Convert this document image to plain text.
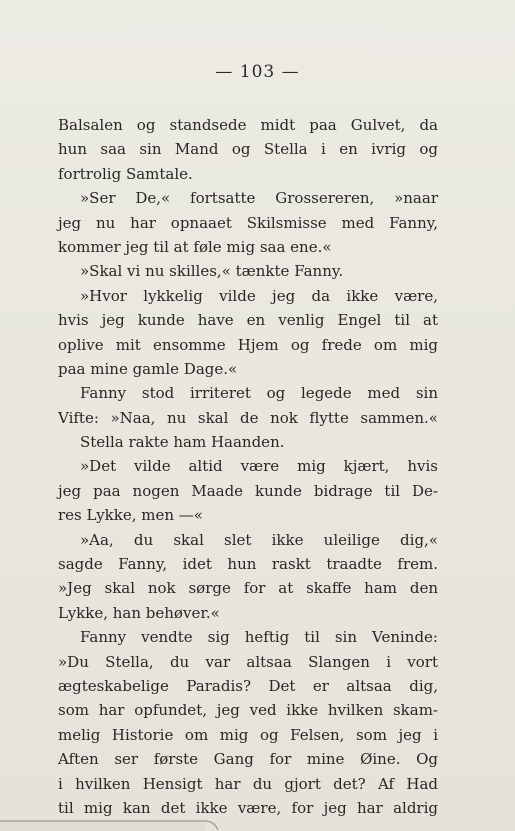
— 103 —
Balsalen og standsede midt paa Gulvet, da
hun saa sin Mand og Stella i en ivrig og
fortrolig Samtale.
»Ser De,« fortsatte Grossereren, »naar
jeg nu har opnaaet Skilsmisse med Fanny,
kommer jeg til at føle mig saa ene.«
»Skal vi nu skilles,« tænkte Fanny.
»Hvor lykkelig vilde jeg da ikke være,
hvis jeg kunde have en venlig Engel til at
oplive mit ensomme Hjem og frede om mig
paa mine gamle Dage.«
Fanny stod irriteret og legede med sin
Vifte: »Naa, nu skal de nok flytte sammen.«
Stella rakte ham Haanden.
»Det vilde altid være mig kjært, hvis
jeg paa nogen Maade kunde bidrage til De-
res Lykke, men —«
»Aa, du skal slet ikke uleilige dig,«
sagde Fanny, idet hun raskt traadte frem.
»Jeg skal nok sørge for at skaffe ham den
Lykke, han behøver.«
Fanny vendte sig heftig til sin Veninde:
»Du Stella, du var altsaa Slangen i vort
ægteskabelige Paradis? Det er altsaa dig,
som har opfundet, jeg ved ikke hvilken skam-
melig Historie om mig og Felsen, som jeg i
Aften ser første Gang for mine Øine. Og
i hvilken Hensigt har du gjort det? Af Had
til mig kan det ikke være, for jeg har aldrig
